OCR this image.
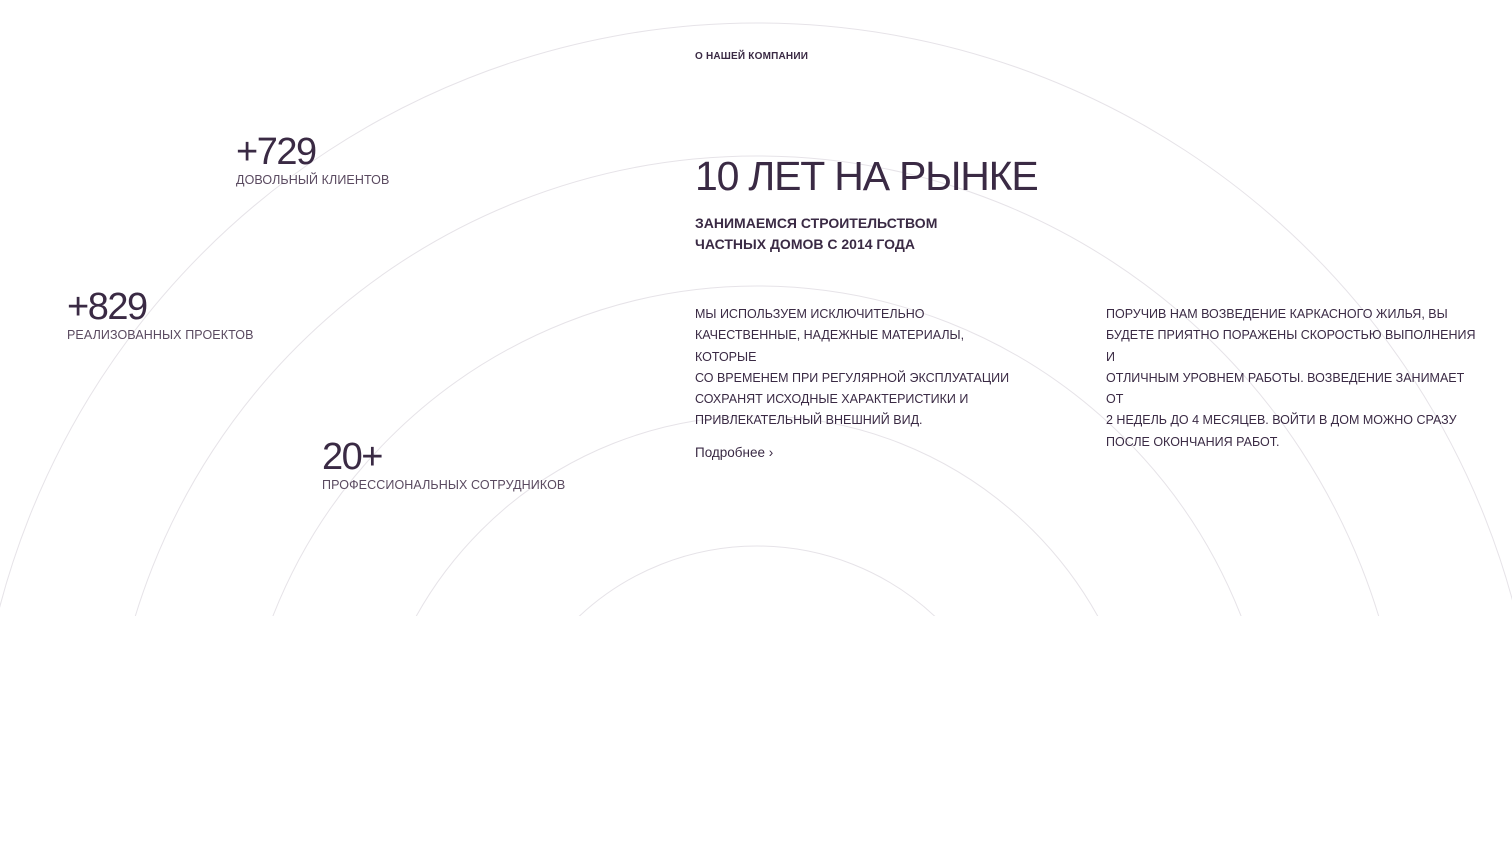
О НАШЕЙ КОМПАНИИ
+729
ДОВОЛЬНЫЙ КЛИЕНТОВ
+829
РЕАЛИЗОВАННЫХ ПРОЕКТОВ
20+
ПРОФЕССИОНАЛЬНЫХ СОТРУДНИКОВ
10 ЛЕТ НА РЫНКЕ

ЗАНИМАЕМСЯ СТРОИТЕЛЬСТВОМ
ЧАСТНЫХ ДОМОВ С 2014 ГОДА

МЫ ИСПОЛЬЗУЕМ ИСКЛЮЧИТЕЛЬНО
КАЧЕСТВЕННЫЕ, НАДЕЖНЫЕ МАТЕРИАЛЫ, КОТОРЫЕ
СО ВРЕМЕНЕМ ПРИ РЕГУЛЯРНОЙ ЭКСПЛУАТАЦИИ
СОХРАНЯТ ИСХОДНЫЕ ХАРАКТЕРИСТИКИ И
ПРИВЛЕКАТЕЛЬНЫЙ ВНЕШНИЙ ВИД.

ПОРУЧИВ НАМ ВОЗВЕДЕНИЕ КАРКАСНОГО ЖИЛЬЯ, ВЫ
БУДЕТЕ ПРИЯТНО ПОРАЖЕНЫ СКОРОСТЬЮ ВЫПОЛНЕНИЯ И
ОТЛИЧНЫМ УРОВНЕМ РАБОТЫ. ВОЗВЕДЕНИЕ ЗАНИМАЕТ ОТ
2 НЕДЕЛЬ ДО 4 МЕСЯЦЕВ. ВОЙТИ В ДОМ МОЖНО СРАЗУ
ПОСЛЕ ОКОНЧАНИЯ РАБОТ.

Подробнее ›
